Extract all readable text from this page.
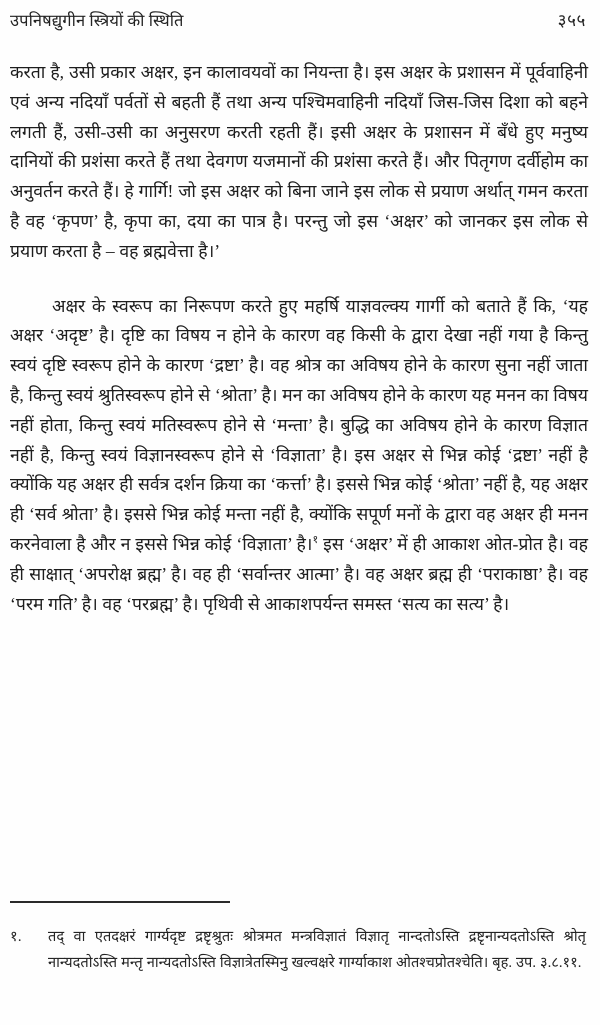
उपनिषद्युगीन स्त्रियों की स्थिति	३५५

करता है, उसी प्रकार अक्षर, इन कालावयवों का नियन्ता है। इस अक्षर के प्रशासन में पूर्ववाहिनी एवं अन्य नदियाँ पर्वतों से बहती हैं तथा अन्य पश्चिमवाहिनी नदियाँ जिस-जिस दिशा को बहने लगती हैं, उसी-उसी का अनुसरण करती रहती हैं। इसी अक्षर के प्रशासन में बँधे हुए मनुष्य दानियों की प्रशंसा करते हैं तथा देवगण यजमानों की प्रशंसा करते हैं। और पितृगण दर्वीहोम का अनुवर्तन करते हैं। हे गार्गि! जो इस अक्षर को बिना जाने इस लोक से प्रयाण अर्थात् गमन करता है वह ‘कृपण’ है, कृपा का, दया का पात्र है। परन्तु जो इस ‘अक्षर’ को जानकर इस लोक से प्रयाण करता है – वह ब्रह्मवेत्ता है।’

अक्षर के स्वरूप का निरूपण करते हुए महर्षि याज्ञवल्क्य गार्गी को बताते हैं कि, ‘यह अक्षर ‘अदृष्ट’ है। दृष्टि का विषय न होने के कारण वह किसी के द्वारा देखा नहीं गया है किन्तु स्वयं दृष्टि स्वरूप होने के कारण ‘द्रष्टा’ है। वह श्रोत्र का अविषय होने के कारण सुना नहीं जाता है, किन्तु स्वयं श्रुतिस्वरूप होने से ‘श्रोता’ है। मन का अविषय होने के कारण यह मनन का विषय नहीं होता, किन्तु स्वयं मतिस्वरूप होने से ‘मन्ता’ है। बुद्धि का अविषय होने के कारण विज्ञात नहीं है, किन्तु स्वयं विज्ञानस्वरूप होने से ‘विज्ञाता’ है। इस अक्षर से भिन्न कोई ‘द्रष्टा’ नहीं है क्योंकि यह अक्षर ही सर्वत्र दर्शन क्रिया का ‘कर्त्ता’ है। इससे भिन्न कोई ‘श्रोता’ नहीं है, यह अक्षर ही ‘सर्व श्रोता’ है। इससे भिन्न कोई मन्ता नहीं है, क्योंकि सपूर्ण मनों के द्वारा वह अक्षर ही मनन करनेवाला है और न इससे भिन्न कोई ‘विज्ञाता’ है।$^१$ इस ‘अक्षर’ में ही आकाश ओत-प्रोत है। वह ही साक्षात् ‘अपरोक्ष ब्रह्म’ है। वह ही ‘सर्वान्तर आत्मा’ है। वह अक्षर ब्रह्म ही ‘पराकाष्ठा’ है। वह ‘परम गति’ है। वह ‘परब्रह्म’ है। पृथिवी से आकाशपर्यन्त समस्त ‘सत्य का सत्य’ है।

१.	तद् वा एतदक्षरं गार्ग्यदृष्ट द्रष्टृश्रुतः श्रोत्रमत मन्त्रविज्ञातं विज्ञातृ नान्दतोऽस्ति द्रष्टृनान्यदतोऽस्ति श्रोतृ नान्यदतोऽस्ति मन्तृ नान्यदतोऽस्ति विज्ञात्रेतस्मिनु खल्वक्षरे गार्ग्याकाश ओतश्चप्रोतश्चेति। बृह. उप. ३.८.११.
